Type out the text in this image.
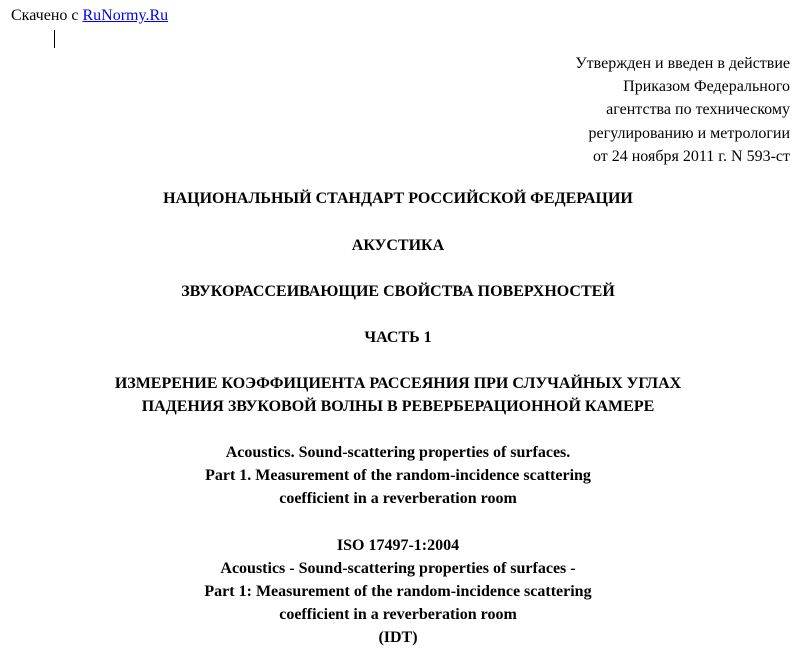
Скачено с RuNormy.Ru
Утвержден и введен в действие
Приказом Федерального
агентства по техническому
регулированию и метрологии
от 24 ноября 2011 г. N 593-ст
НАЦИОНАЛЬНЫЙ СТАНДАРТ РОССИЙСКОЙ ФЕДЕРАЦИИ
АКУСТИКА
ЗВУКОРАССЕИВАЮЩИЕ СВОЙСТВА ПОВЕРХНОСТЕЙ
ЧАСТЬ 1
ИЗМЕРЕНИЕ КОЭФФИЦИЕНТА РАССЕЯНИЯ ПРИ СЛУЧАЙНЫХ УГЛАХ
ПАДЕНИЯ ЗВУКОВОЙ ВОЛНЫ В РЕВЕРБЕРАЦИОННОЙ КАМЕРЕ
Acoustics. Sound-scattering properties of surfaces.
Part 1. Measurement of the random-incidence scattering
coefficient in a reverberation room
ISO 17497-1:2004
Acoustics - Sound-scattering properties of surfaces -
Part 1: Measurement of the random-incidence scattering
coefficient in a reverberation room
(IDT)
